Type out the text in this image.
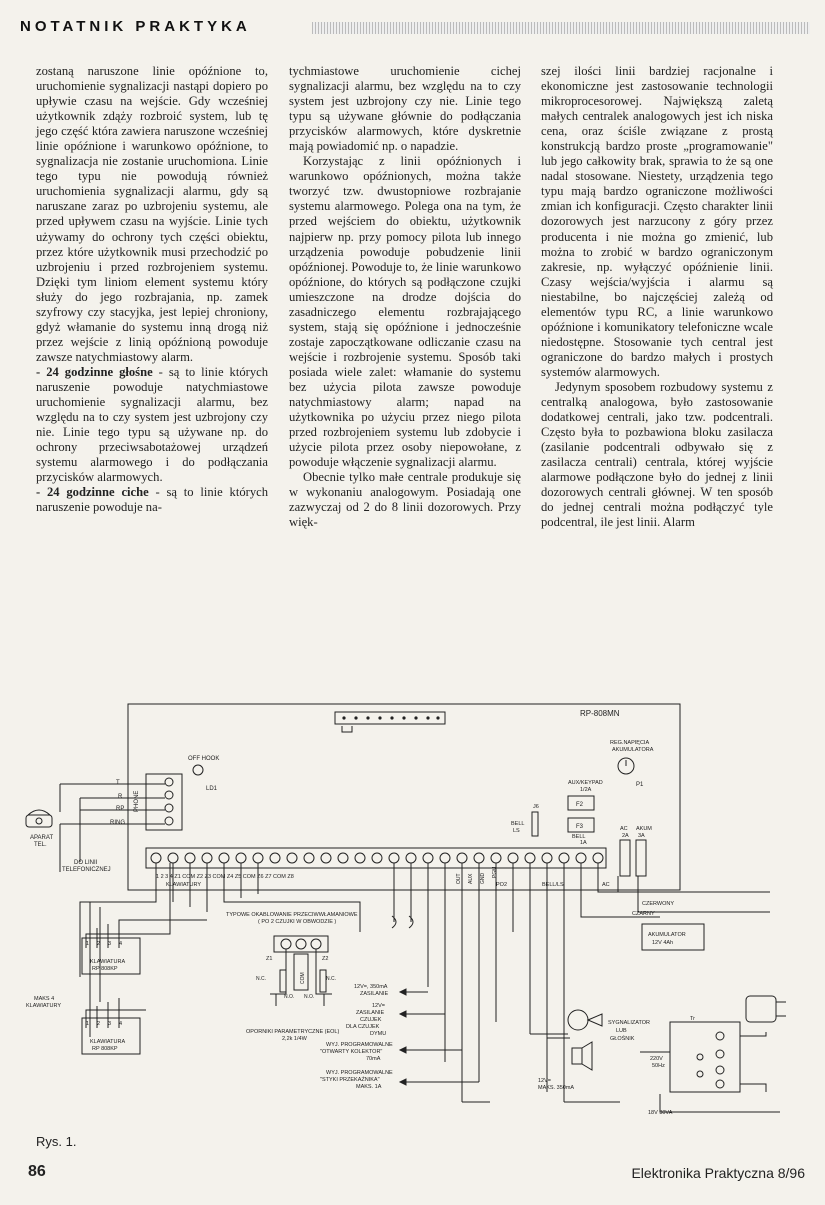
NOTATNIK PRAKTYKA

zostaną naruszone linie opóźnione to, uruchomienie sygnalizacji nastąpi dopiero po upływie czasu na wejście. Gdy wcześniej użytkownik zdąży rozbroić system, lub tę jego część która zawiera naruszone wcześniej linie opóźnione i warunkowo opóźnione, to sygnalizacja nie zostanie uruchomiona. Linie tego typu nie powodują również uruchomienia sygnalizacji alarmu, gdy są naruszane zaraz po uzbrojeniu systemu, ale przed upływem czasu na wyjście. Linie tych używamy do ochrony tych części obiektu, przez które użytkownik musi przechodzić po uzbrojeniu i przed rozbrojeniem systemu. Dzięki tym liniom element systemu który służy do jego rozbrajania, np. zamek szyfrowy czy stacyjka, jest lepiej chroniony, gdyż włamanie do systemu inną drogą niż przez wejście z linią opóźnioną powoduje zawsze natychmiastowy alarm.

- 24 godzinne głośne - są to linie których naruszenie powoduje natychmiastowe uruchomienie sygnalizacji alarmu, bez względu na to czy system jest uzbrojony czy nie. Linie tego typu są używane np. do ochrony przeciwsabotażowej urządzeń systemu alarmowego i do podłączania przycisków alarmowych.

- 24 godzinne ciche - są to linie których naruszenie powoduje na-

tychmiastowe uruchomienie cichej sygnalizacji alarmu, bez względu na to czy system jest uzbrojony czy nie. Linie tego typu są używane głównie do podłączania przycisków alarmowych, które dyskretnie mają powiadomić np. o napadzie.

Korzystając z linii opóźnionych i warunkowo opóźnionych, można także tworzyć tzw. dwustopniowe rozbrajanie systemu alarmowego. Polega ona na tym, że przed wejściem do obiektu, użytkownik najpierw np. przy pomocy pilota lub innego urządzenia powoduje pobudzenie linii opóźnionej. Powoduje to, że linie warunkowo opóźnione, do których są podłączone czujki umieszczone na drodze dojścia do zasadniczego elementu rozbrajającego system, stają się opóźnione i jednocześnie zostaje zapoczątkowane odliczanie czasu na wejście i rozbrojenie systemu. Sposób taki posiada wiele zalet: włamanie do systemu bez użycia pilota zawsze powoduje natychmiastowy alarm; napad na użytkownika po użyciu przez niego pilota przed rozbrojeniem systemu lub zdobycie i użycie pilota przez osoby niepowołane, z powoduje włączenie sygnalizacji alarmu.

Obecnie tylko małe centrale produkuje się w wykonaniu analogowym. Posiadają one zazwyczaj od 2 do 8 linii dozorowych. Przy więk-

szej ilości linii bardziej racjonalne i ekonomiczne jest zastosowanie technologii mikroprocesorowej. Największą zaletą małych centralek analogowych jest ich niska cena, oraz ściśle związane z prostą konstrukcją bardzo proste „programowanie" lub jego całkowity brak, sprawia to że są one nadal stosowane. Niestety, urządzenia tego typu mają bardzo ograniczone możliwości zmian ich konfiguracji. Często charakter linii dozorowych jest narzucony z góry przez producenta i nie można go zmienić, lub można to zrobić w bardzo ograniczonym zakresie, np. wyłączyć opóźnienie linii. Czasy wejścia/wyjścia i alarmu są niestabilne, bo najczęściej zależą od elementów typu RC, a linie warunkowo opóźnione i komunikatory telefoniczne wcale niedostępne. Stosowanie tych central jest ograniczone do bardzo małych i prostych systemów alarmowych.

Jedynym sposobem rozbudowy systemu z centralką analogowa, było zastosowanie dodatkowej centrali, jako tzw. podcentrali. Często była to pozbawiona bloku zasilacza (zasilanie podcentrali odbywało się z zasilacza centrali) centrala, której wyjście alarmowe podłączone było do jednej z linii dozorowych centrali głównej. W ten sposób do jednej centrali można podłączyć tyle podcentral, ile jest linii. Alarm

RP-808MN
OFF HOOK
LD1
PHONE
T
R
RP
RING
APARAT
TEL.
DO LINII
TELEFONICZNEJ
1 2 3 4 Z1 COM Z2 Z3 COM Z4 Z5 COM Z6 Z7 COM Z8
KLAWIATURY	PO2	BELL/LS	AC
OUT AUX GND
PGM
REG.NAPIĘCIA
AKUMULATORA
P1
AUX/KEYPAD
1/2A
F2
F3
BELL
1A
J6
BELL
LS	AC AKUM
2A 3A
1 2 3 4
KLAWIATURA
RP 808KP
1 2 3 4
KLAWIATURA
RP 808KP
MAKS 4
KLAWIATURY
TYPOWE OKABLOWANIE PRZECIWWŁAMANIOWE
( PO 2 CZUJKI W OBWODZIE )
Z1	Z2
COM
N.C.
N.O. N.O.
N.C.
OPORNIKI PARAMETRYCZNE (EOL)
2,2k 1/4W
12V=, 350mA
ZASILANIE
12V=
ZASILANIE
CZUJEK
DLA CZUJEK
DYMU
WYJ. PROGRAMOWALNE
"OTWARTY KOLEKTOR"
70mA
WYJ. PROGRAMOWALNE
"STYKI PRZEKAŹNIKA"
MAKS. 1A
CZERWONY
CZARNY
AKUMULATOR
12V 4Ah
SYGNALIZATOR
LUB
GŁOŚNIK
12V=
MAKS. 350mA
Tr
220V
50Hz
18V 30VA
Rys. 1.
86	Elektronika Praktyczna 8/96
